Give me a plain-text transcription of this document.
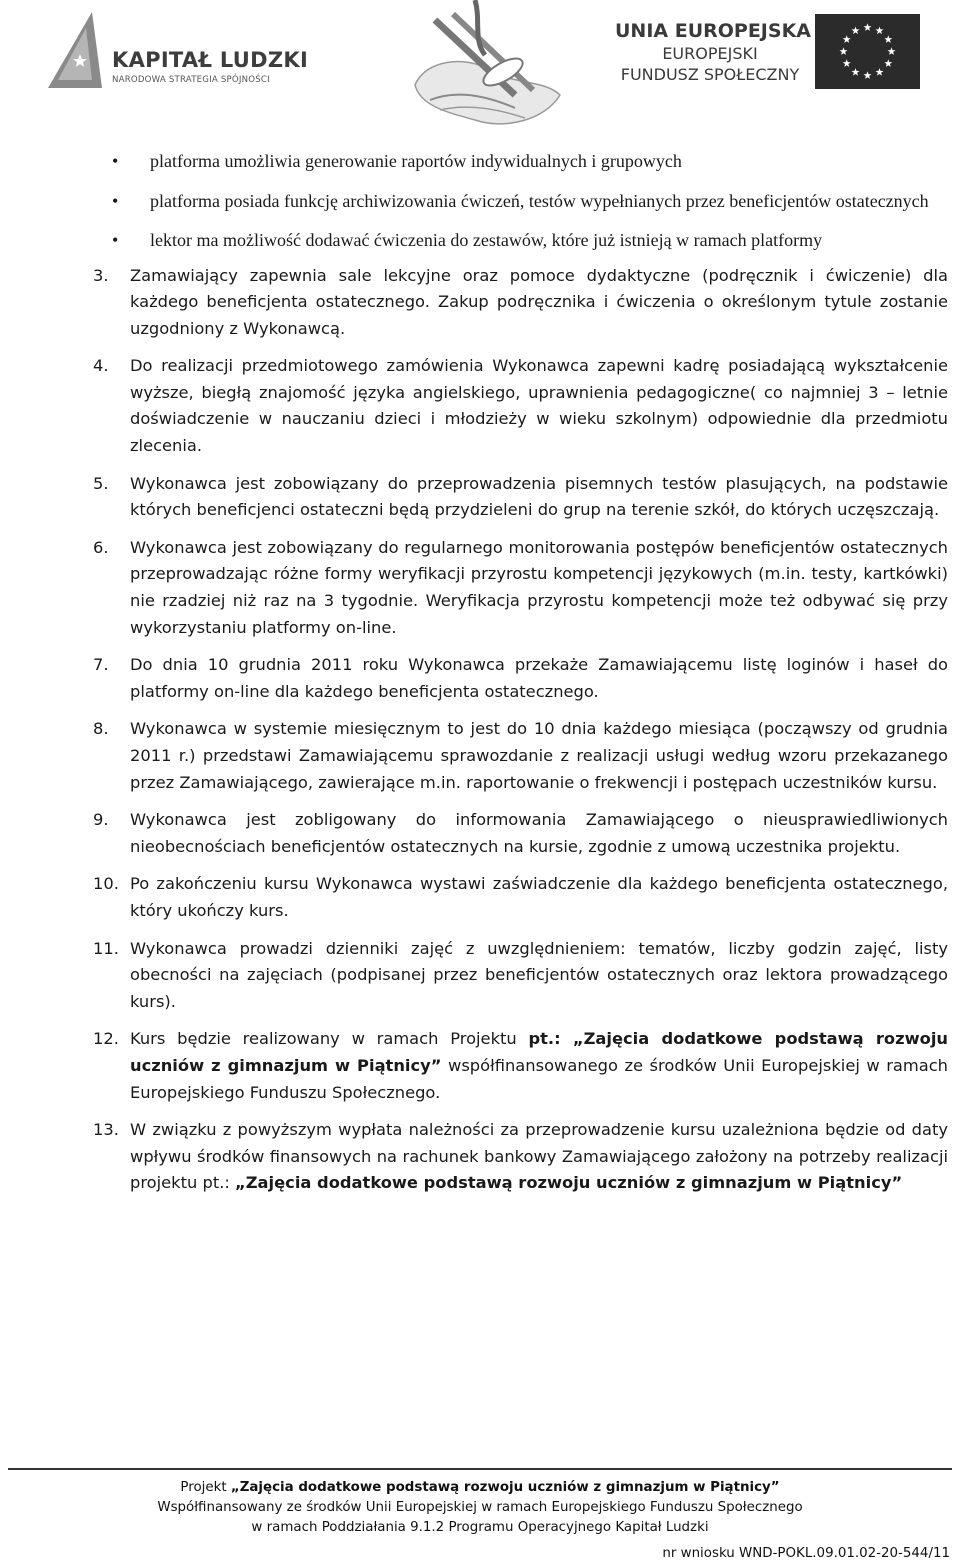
KAPITAŁ LUDZKI
NARODOWA STRATEGIA SPÓJNOŚCI
UNIA EUROPEJSKA
EUROPEJSKI
FUNDUSZ SPOŁECZNY
• platforma umożliwia generowanie raportów indywidualnych i grupowych
• platforma posiada funkcję archiwizowania ćwiczeń, testów wypełnianych przez beneficjentów ostatecznych
• lektor ma możliwość dodawać ćwiczenia do zestawów, które już istnieją w ramach platformy
3. Zamawiający zapewnia sale lekcyjne oraz pomoce dydaktyczne (podręcznik i ćwiczenie) dla każdego beneficjenta ostatecznego. Zakup podręcznika i ćwiczenia o określonym tytule zostanie uzgodniony z Wykonawcą.
4. Do realizacji przedmiotowego zamówienia Wykonawca zapewni kadrę posiadającą wykształcenie wyższe, biegłą znajomość języka angielskiego, uprawnienia pedagogiczne( co najmniej 3 – letnie doświadczenie w nauczaniu dzieci i młodzieży w wieku szkolnym) odpowiednie dla przedmiotu zlecenia.
5. Wykonawca jest zobowiązany do przeprowadzenia pisemnych testów plasujących, na podstawie których beneficjenci ostateczni będą przydzieleni do grup na terenie szkół, do których uczęszczają.
6. Wykonawca jest zobowiązany do regularnego monitorowania postępów beneficjentów ostatecznych przeprowadzając różne formy weryfikacji przyrostu kompetencji językowych (m.in. testy, kartkówki) nie rzadziej niż raz na 3 tygodnie. Weryfikacja przyrostu kompetencji może też odbywać się przy wykorzystaniu platformy on-line.
7. Do dnia 10 grudnia 2011 roku Wykonawca przekaże Zamawiającemu listę loginów i haseł do platformy on-line dla każdego beneficjenta ostatecznego.
8. Wykonawca w systemie miesięcznym to jest do 10 dnia każdego miesiąca (począwszy od grudnia 2011 r.) przedstawi Zamawiającemu sprawozdanie z realizacji usługi według wzoru przekazanego przez Zamawiającego, zawierające m.in. raportowanie o frekwencji i postępach uczestników kursu.
9. Wykonawca jest zobligowany do informowania Zamawiającego o nieusprawiedliwionych nieobecnościach beneficjentów ostatecznych na kursie, zgodnie z umową uczestnika projektu.
10. Po zakończeniu kursu Wykonawca wystawi zaświadczenie dla każdego beneficjenta ostatecznego, który ukończy kurs.
11. Wykonawca prowadzi dzienniki zajęć z uwzględnieniem: tematów, liczby godzin zajęć, listy obecności na zajęciach (podpisanej przez beneficjentów ostatecznych oraz lektora prowadzącego kurs).
12. Kurs będzie realizowany w ramach Projektu pt.: „Zajęcia dodatkowe podstawą rozwoju uczniów z gimnazjum w Piątnicy” współfinansowanego ze środków Unii Europejskiej w ramach Europejskiego Funduszu Społecznego.
13. W związku z powyższym wypłata należności za przeprowadzenie kursu uzależniona będzie od daty wpływu środków finansowych na rachunek bankowy Zamawiającego założony na potrzeby realizacji projektu pt.: „Zajęcia dodatkowe podstawą rozwoju uczniów z gimnazjum w Piątnicy”
Projekt „Zajęcia dodatkowe podstawą rozwoju uczniów z gimnazjum w Piątnicy”
Współfinansowany ze środków Unii Europejskiej w ramach Europejskiego Funduszu Społecznego
w ramach Poddziałania 9.1.2 Programu Operacyjnego Kapitał Ludzki
nr wniosku WND-POKL.09.01.02-20-544/11
